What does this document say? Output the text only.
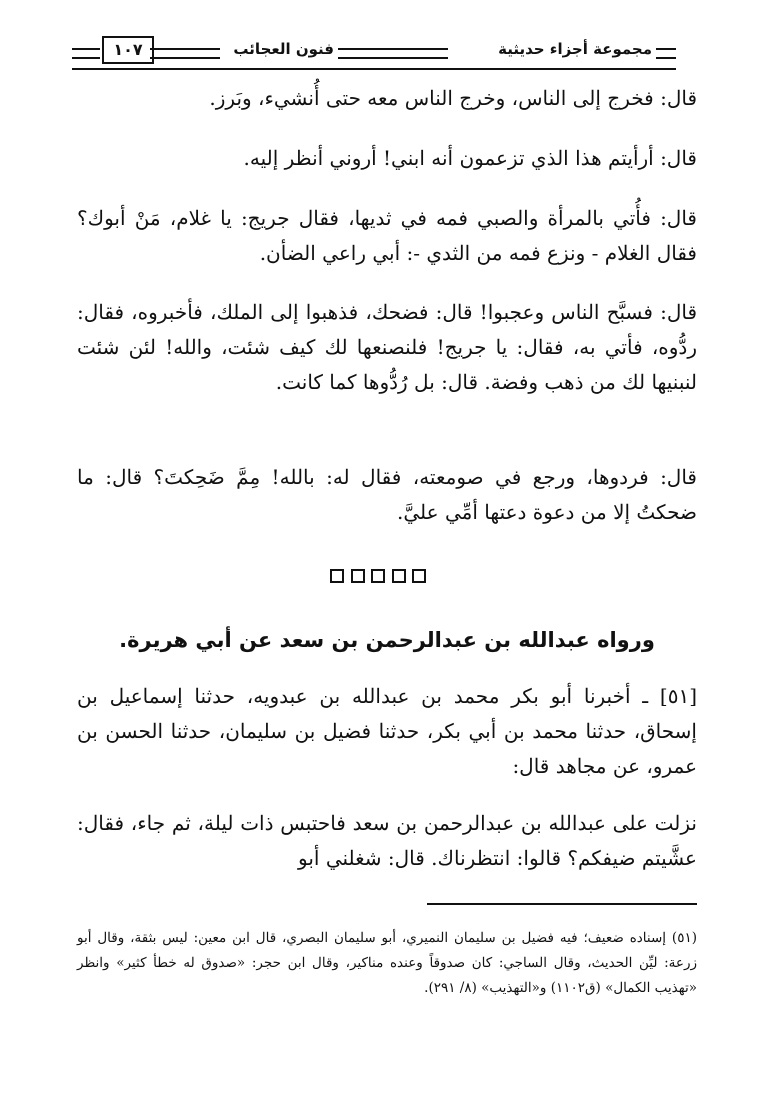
مجموعة أجزاء حديثية
فنون العجائب
١٠٧

قال: فخرج إلى الناس، وخرج الناس معه حتى أُنشيء، وبَرز.

قال: أرأيتم هذا الذي تزعمون أنه ابني! أروني أنظر إليه.

قال: فأُتي بالمرأة والصبي فمه في ثديها، فقال جريج: يا غلام، مَنْ أبوك؟ فقال الغلام - ونزع فمه من الثدي -: أبي راعي الضأن.

قال: فسبَّح الناس وعجبوا! قال: فضحك، فذهبوا إلى الملك، فأخبروه، فقال: ردُّوه، فأتي به، فقال: يا جريج! فلنصنعها لك كيف شئت، والله! لئن شئت لنبنيها لك من ذهب وفضة. قال: بل رُدُّوها كما كانت.

قال: فردوها، ورجع في صومعته، فقال له: بالله! مِمَّ ضَحِكتَ؟ قال: ما ضحكتُ إلا من دعوة دعتها أمِّي عليَّ.

ورواه عبدالله بن عبدالرحمن بن سعد عن أبي هريرة.

[٥١] ـ أخبرنا أبو بكر محمد بن عبدالله بن عبدويه، حدثنا إسماعيل بن إسحاق، حدثنا محمد بن أبي بكر، حدثنا فضيل بن سليمان، حدثنا الحسن بن عمرو، عن مجاهد قال:

نزلت على عبدالله بن عبدالرحمن بن سعد فاحتبس ذات ليلة، ثم جاء، فقال: عشَّيتم ضيفكم؟ قالوا: انتظرناك. قال: شغلني أبو

(٥١) إسناده ضعيف؛ فيه فضيل بن سليمان النميري، أبو سليمان البصري، قال ابن معين: ليس بثقة، وقال أبو زرعة: ليِّن الحديث، وقال الساجي: كان صدوقاً وعنده مناكير، وقال ابن حجر: «صدوق له خطأ كثير» وانظر «تهذيب الكمال» (ق١١٠٢) و«التهذيب» (٨/ ٢٩١).
